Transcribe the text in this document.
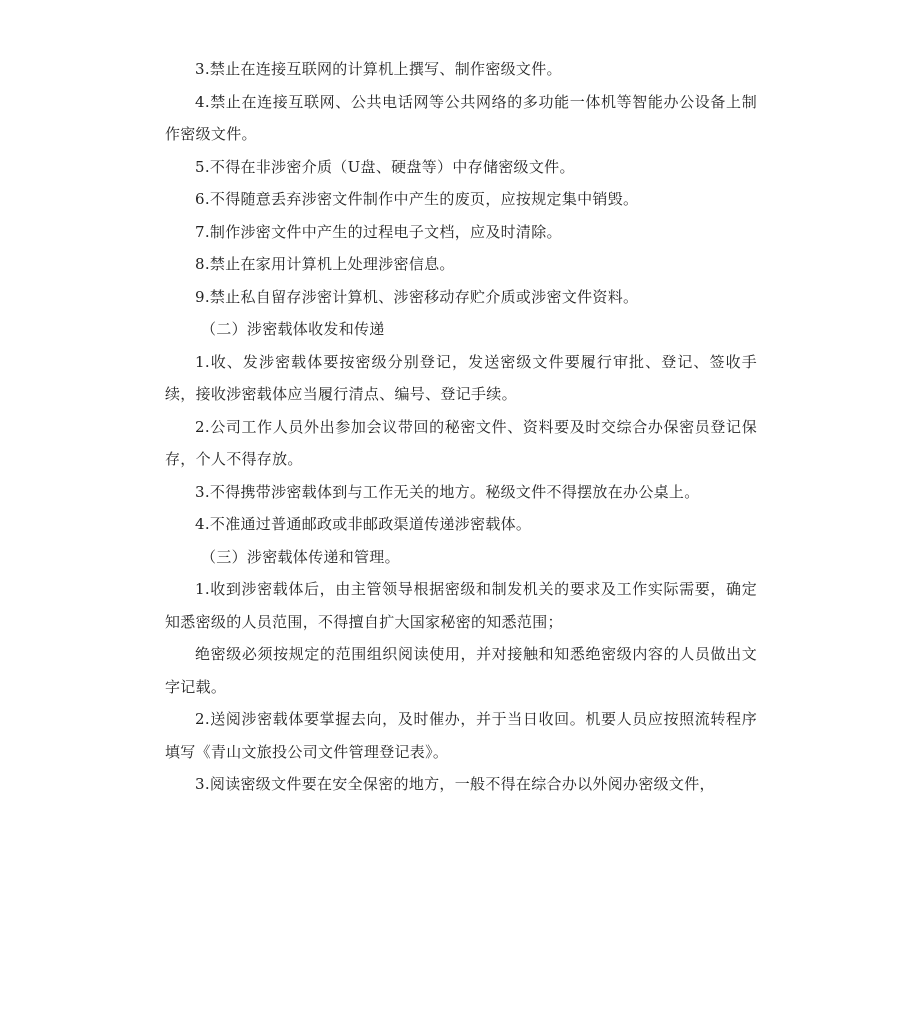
3.禁止在连接互联网的计算机上撰写、制作密级文件。

4.禁止在连接互联网、公共电话网等公共网络的多功能一体机等智能办公设备上制作密级文件。

5.不得在非涉密介质（U盘、硬盘等）中存储密级文件。

6.不得随意丢弃涉密文件制作中产生的废页，应按规定集中销毁。

7.制作涉密文件中产生的过程电子文档，应及时清除。

8.禁止在家用计算机上处理涉密信息。

9.禁止私自留存涉密计算机、涉密移动存贮介质或涉密文件资料。

（二）涉密载体收发和传递

1.收、发涉密载体要按密级分别登记，发送密级文件要履行审批、登记、签收手续，接收涉密载体应当履行清点、编号、登记手续。

2.公司工作人员外出参加会议带回的秘密文件、资料要及时交综合办保密员登记保存，个人不得存放。

3.不得携带涉密载体到与工作无关的地方。秘级文件不得摆放在办公桌上。

4.不准通过普通邮政或非邮政渠道传递涉密载体。

（三）涉密载体传递和管理。

1.收到涉密载体后，由主管领导根据密级和制发机关的要求及工作实际需要，确定知悉密级的人员范围，不得擅自扩大国家秘密的知悉范围；

绝密级必须按规定的范围组织阅读使用，并对接触和知悉绝密级内容的人员做出文字记载。

2.送阅涉密载体要掌握去向，及时催办，并于当日收回。机要人员应按照流转程序填写《青山文旅投公司文件管理登记表》。

3.阅读密级文件要在安全保密的地方，一般不得在综合办以外阅办密级文件，
